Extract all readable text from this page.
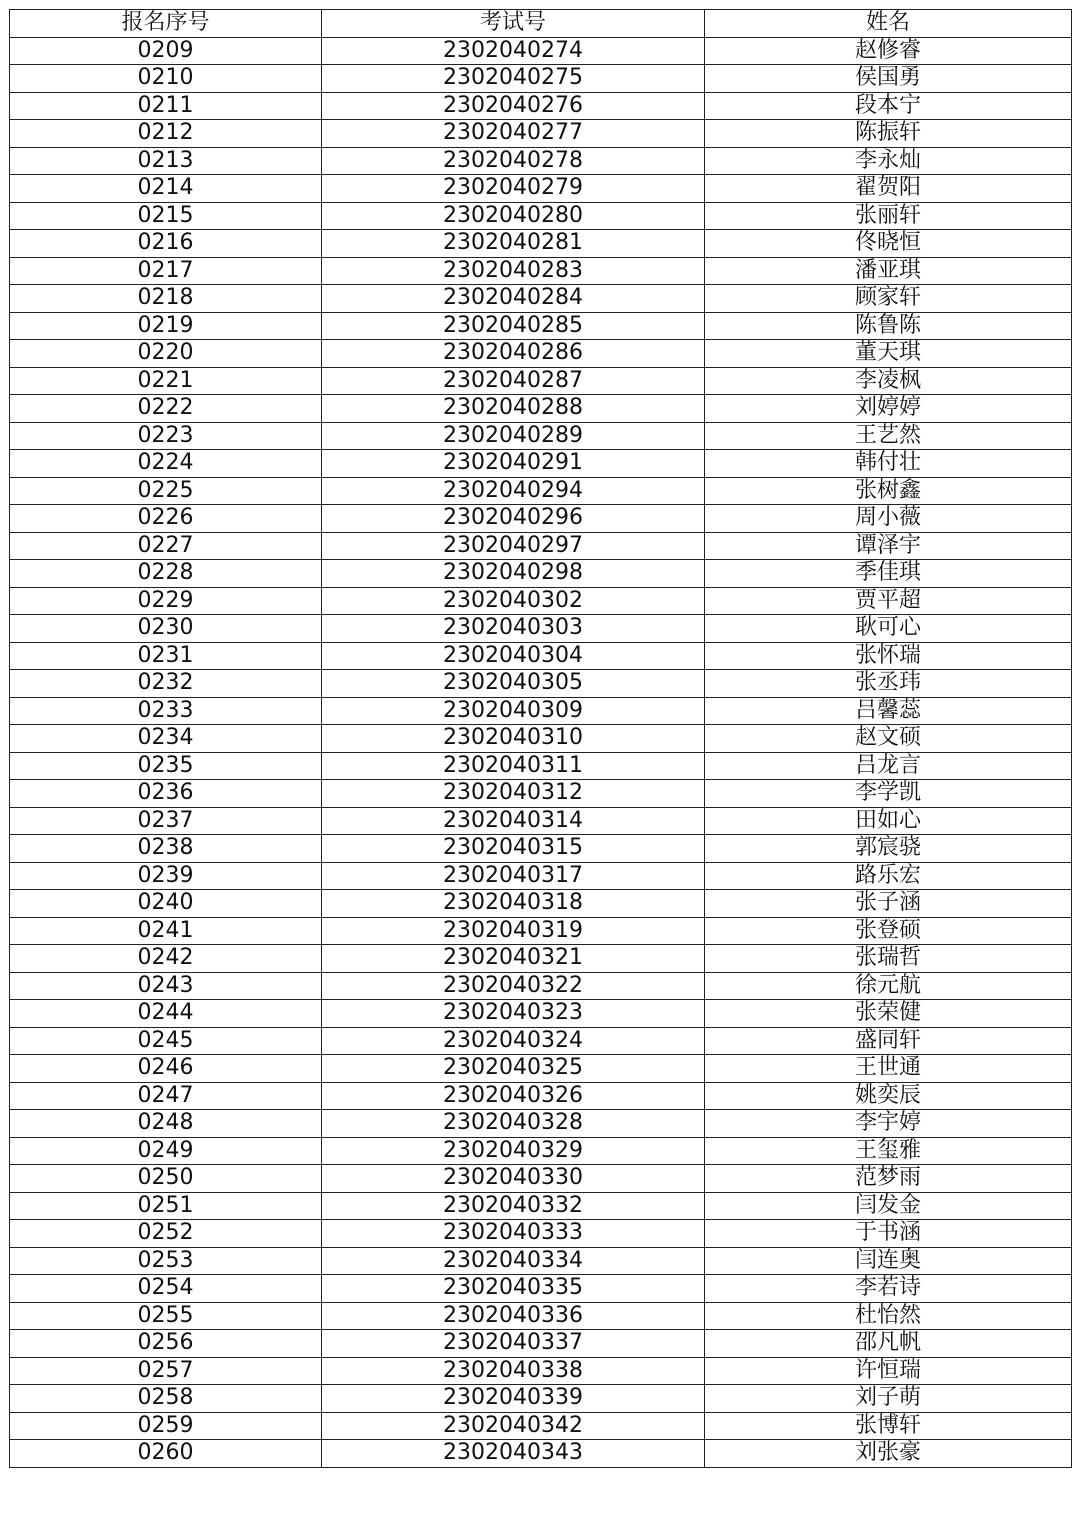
报名序号	考试号	姓名
0209	2302040274	赵修睿
0210	2302040275	侯国勇
0211	2302040276	段本宁
0212	2302040277	陈振轩
0213	2302040278	李永灿
0214	2302040279	翟贺阳
0215	2302040280	张丽轩
0216	2302040281	佟晓恒
0217	2302040283	潘亚琪
0218	2302040284	顾家轩
0219	2302040285	陈鲁陈
0220	2302040286	董天琪
0221	2302040287	李凌枫
0222	2302040288	刘婷婷
0223	2302040289	王艺然
0224	2302040291	韩付壮
0225	2302040294	张树鑫
0226	2302040296	周小薇
0227	2302040297	谭泽宇
0228	2302040298	季佳琪
0229	2302040302	贾平超
0230	2302040303	耿可心
0231	2302040304	张怀瑞
0232	2302040305	张丞玮
0233	2302040309	吕馨蕊
0234	2302040310	赵文硕
0235	2302040311	吕龙言
0236	2302040312	李学凯
0237	2302040314	田如心
0238	2302040315	郭宸骁
0239	2302040317	路乐宏
0240	2302040318	张子涵
0241	2302040319	张登硕
0242	2302040321	张瑞哲
0243	2302040322	徐元航
0244	2302040323	张荣健
0245	2302040324	盛同轩
0246	2302040325	王世通
0247	2302040326	姚奕辰
0248	2302040328	李宇婷
0249	2302040329	王玺雅
0250	2302040330	范梦雨
0251	2302040332	闫发金
0252	2302040333	于书涵
0253	2302040334	闫连奥
0254	2302040335	李若诗
0255	2302040336	杜怡然
0256	2302040337	邵凡帆
0257	2302040338	许恒瑞
0258	2302040339	刘子萌
0259	2302040342	张博轩
0260	2302040343	刘张豪
